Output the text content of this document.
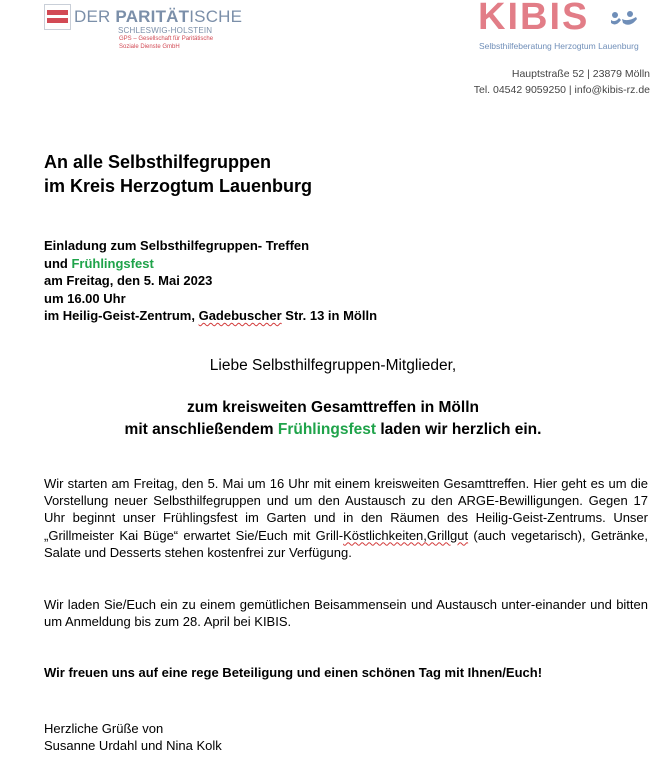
DER PARITÄTISCHE
SCHLESWIG-HOLSTEIN
GPS – Gesellschaft für Paritätische
Soziale Dienste GmbH
KIBIS
Selbsthilfeberatung Herzogtum Lauenburg
Hauptstraße 52 | 23879 Mölln
Tel. 04542 9059250 | info@kibis-rz.de
An alle Selbsthilfegruppen
im Kreis Herzogtum Lauenburg
Einladung zum Selbsthilfegruppen- Treffen
und Frühlingsfest
am Freitag, den 5. Mai 2023
um 16.00 Uhr
im Heilig-Geist-Zentrum, Gadebuscher Str. 13 in Mölln
Liebe Selbsthilfegruppen-Mitglieder,
zum kreisweiten Gesamttreffen in Mölln
mit anschließendem Frühlingsfest laden wir herzlich ein.
Wir starten am Freitag, den 5. Mai um 16 Uhr mit einem kreisweiten Gesamttreffen. Hier geht es um die Vorstellung neuer Selbsthilfegruppen und um den Austausch zu den ARGE-Bewilligungen. Gegen 17 Uhr beginnt unser Frühlingsfest im Garten und in den Räumen des Heilig-Geist-Zentrums. Unser „Grillmeister Kai Büge“ erwartet Sie/Euch mit Grill-Köstlichkeiten,Grillgut (auch vegetarisch), Getränke, Salate und Desserts stehen kostenfrei zur Verfügung.
Wir laden Sie/Euch ein zu einem gemütlichen Beisammensein und Austausch unter-einander und bitten um Anmeldung bis zum 28. April bei KIBIS.
Wir freuen uns auf eine rege Beteiligung und einen schönen Tag mit Ihnen/Euch!
Herzliche Grüße von
Susanne Urdahl und Nina Kolk
